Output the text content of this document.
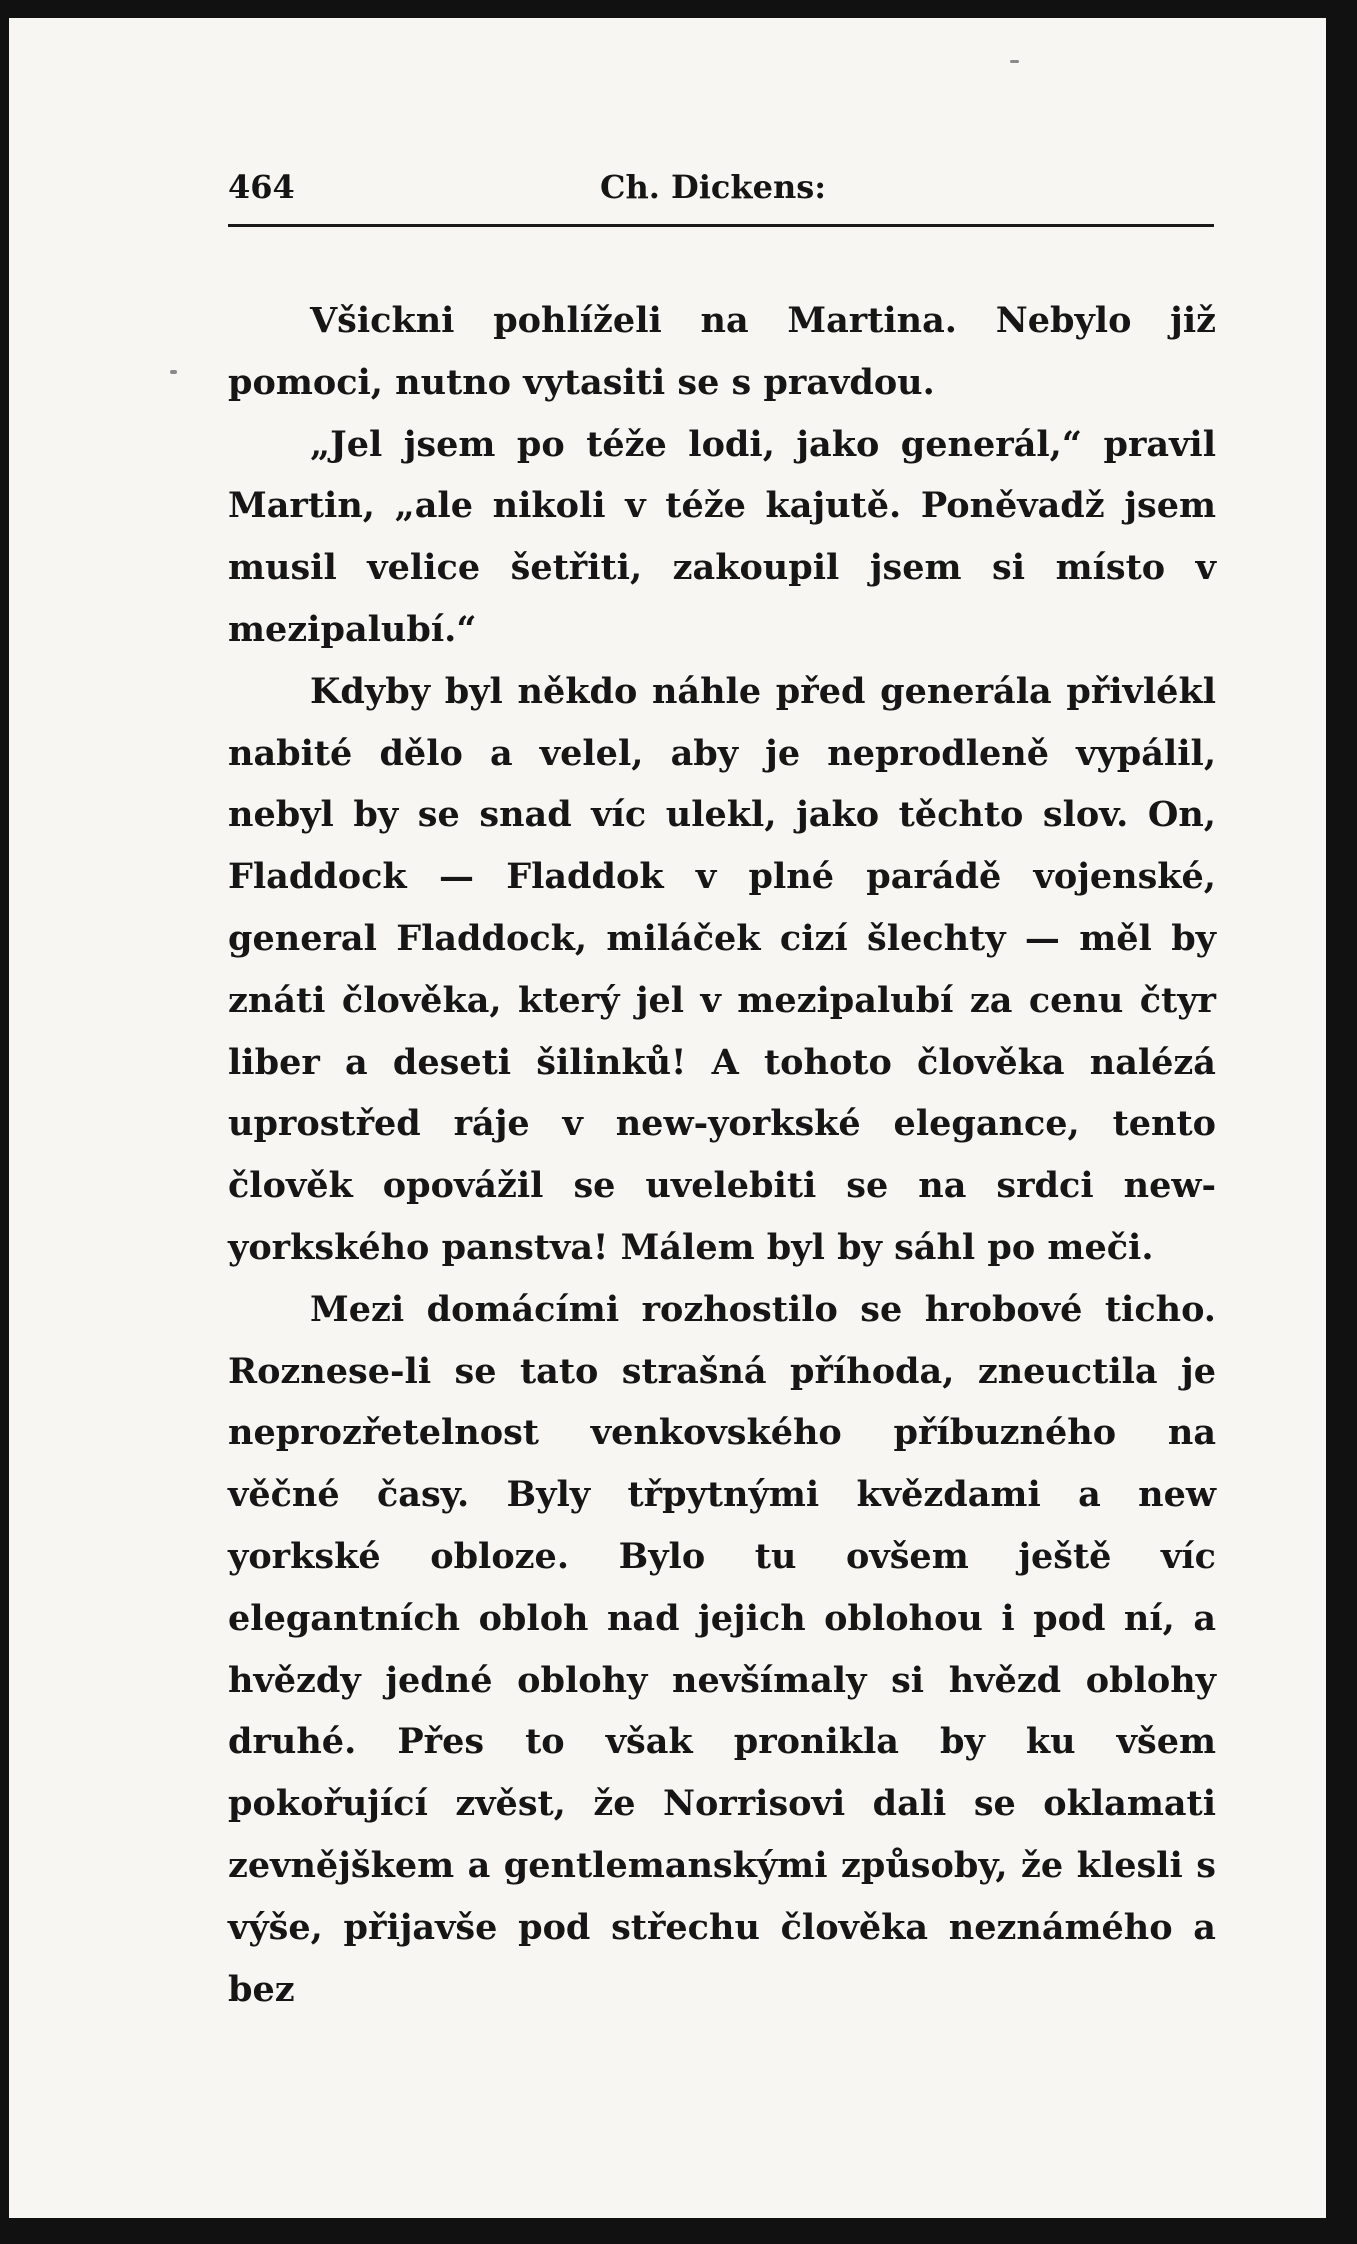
464	Ch. Dickens:

Všickni pohlíželi na Martina. Nebylo již pomoci, nutno vytasiti se s pravdou.

„Jel jsem po téže lodi, jako generál,“ pravil Martin, „ale nikoli v téže kajutě. Poněvadž jsem musil velice šetřiti, zakoupil jsem si místo v mezipalubí.“

Kdyby byl někdo náhle před generála přivlékl nabité dělo a velel, aby je neprodleně vypálil, nebyl by se snad víc ulekl, jako těchto slov. On, Fladdock — Fladdok v plné parádě vojenské, general Fladdock, miláček cizí šlechty — měl by znáti člověka, který jel v mezipalubí za cenu čtyr liber a deseti šilinků! A tohoto člověka nalézá uprostřed ráje v new-yorkské elegance, tento člověk opovážil se uvelebiti se na srdci new-yorkského panstva! Málem byl by sáhl po meči.

Mezi domácími rozhostilo se hrobové ticho. Roznese-li se tato strašná příhoda, zneuctila je neprozřetelnost venkovského příbuzného na věčné časy. Byly třpytnými kvězdami a new yorkské obloze. Bylo tu ovšem ještě víc elegantních obloh nad jejich oblohou i pod ní, a hvězdy jedné oblohy nevšímaly si hvězd oblohy druhé. Přes to však pronikla by ku všem pokořující zvěst, že Norrisovi dali se oklamati zevnějškem a gentlemanskými způsoby, že klesli s výše, přijavše pod střechu člověka neznámého a bez
